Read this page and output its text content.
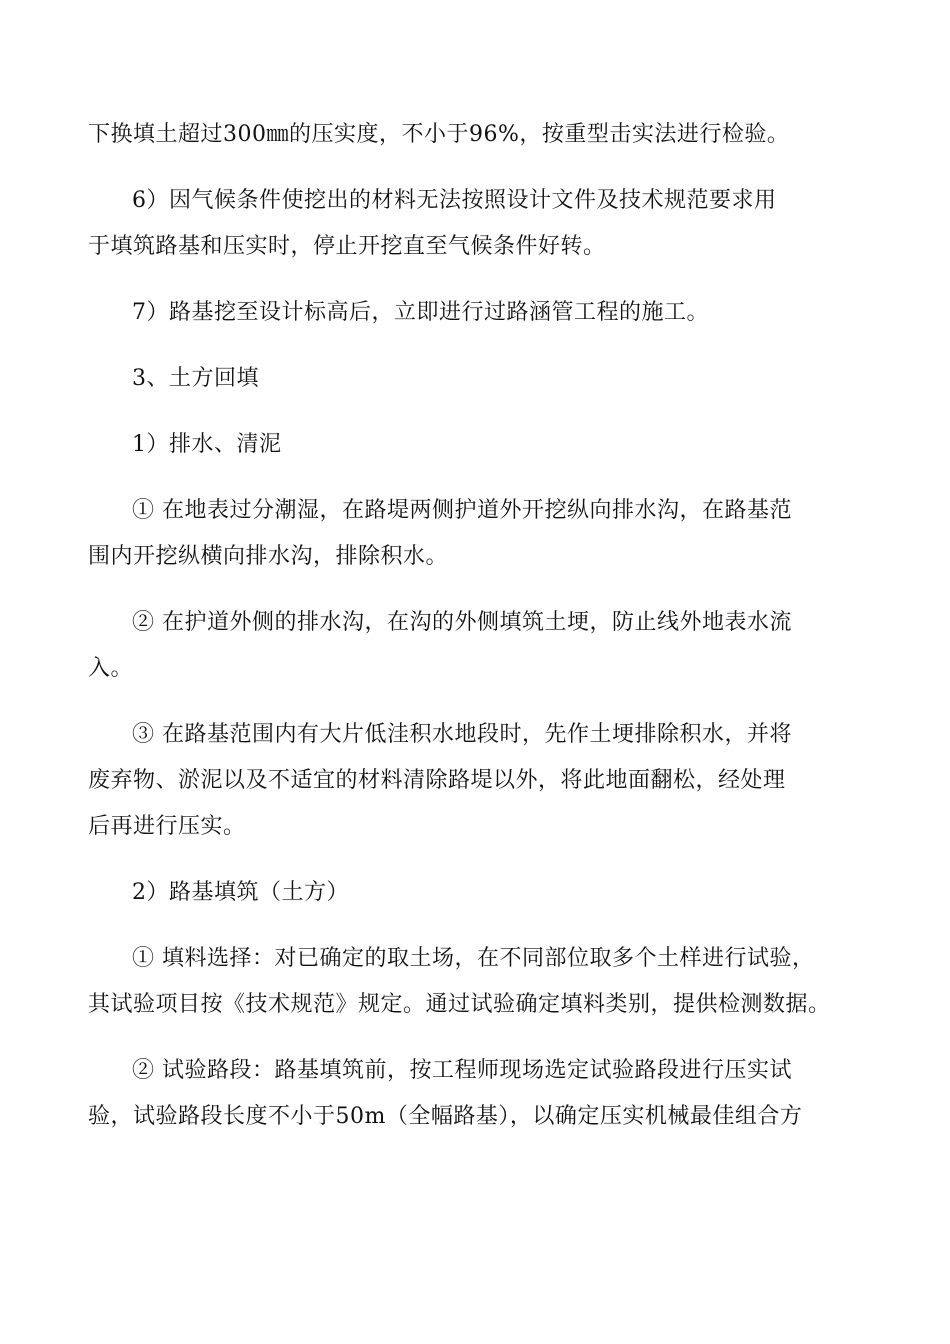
下换填土超过300㎜的压实度，不小于96%，按重型击实法进行检验。

6）因气候条件使挖出的材料无法按照设计文件及技术规范要求用
于填筑路基和压实时，停止开挖直至气候条件好转。

7）路基挖至设计标高后，立即进行过路涵管工程的施工。

3、土方回填

1）排水、清泥

① 在地表过分潮湿，在路堤两侧护道外开挖纵向排水沟，在路基范
围内开挖纵横向排水沟，排除积水。

② 在护道外侧的排水沟，在沟的外侧填筑土埂，防止线外地表水流
入。

③ 在路基范围内有大片低洼积水地段时，先作土埂排除积水，并将
废弃物、淤泥以及不适宜的材料清除路堤以外，将此地面翻松，经处理
后再进行压实。

2）路基填筑（土方）

① 填料选择：对已确定的取土场，在不同部位取多个土样进行试验，
其试验项目按《技术规范》规定。通过试验确定填料类别，提供检测数据。

② 试验路段：路基填筑前，按工程师现场选定试验路段进行压实试
验，试验路段长度不小于50m（全幅路基），以确定压实机械最佳组合方
